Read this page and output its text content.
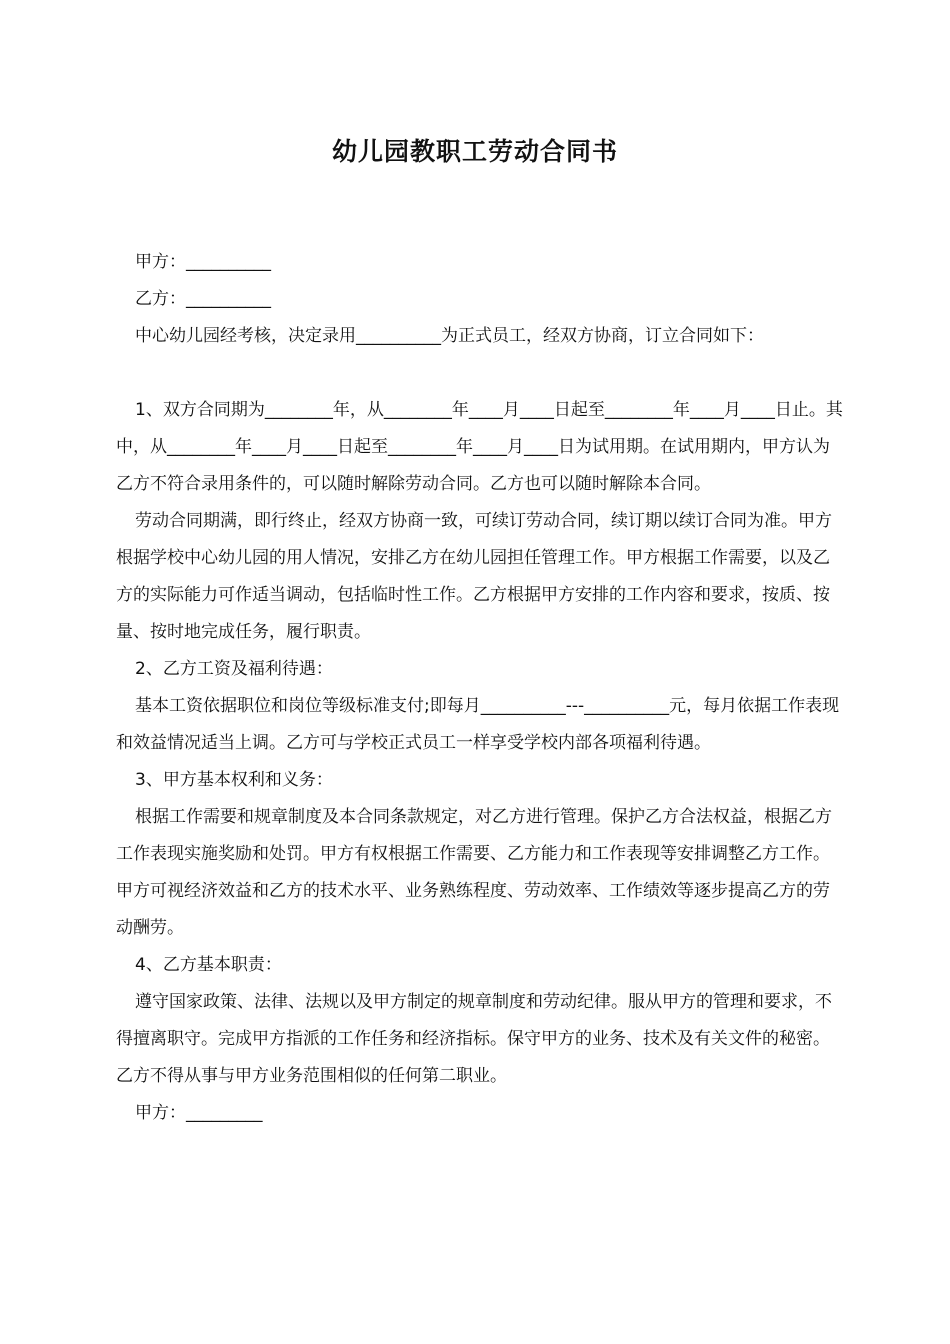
幼儿园教职工劳动合同书

甲方：__________

乙方：__________

中心幼儿园经考核，决定录用__________为正式员工，经双方协商，订立合同如下：

1、双方合同期为________年，从________年____月____日起至________年____月____日止。其中，从________年____月____日起至________年____月____日为试用期。在试用期内，甲方认为乙方不符合录用条件的，可以随时解除劳动合同。乙方也可以随时解除本合同。

劳动合同期满，即行终止，经双方协商一致，可续订劳动合同，续订期以续订合同为准。甲方根据学校中心幼儿园的用人情况，安排乙方在幼儿园担任管理工作。甲方根据工作需要，以及乙方的实际能力可作适当调动，包括临时性工作。乙方根据甲方安排的工作内容和要求，按质、按量、按时地完成任务，履行职责。

2、乙方工资及福利待遇：

基本工资依据职位和岗位等级标准支付;即每月__________---__________元，每月依据工作表现和效益情况适当上调。乙方可与学校正式员工一样享受学校内部各项福利待遇。

3、甲方基本权利和义务：

根据工作需要和规章制度及本合同条款规定，对乙方进行管理。保护乙方合法权益，根据乙方工作表现实施奖励和处罚。甲方有权根据工作需要、乙方能力和工作表现等安排调整乙方工作。甲方可视经济效益和乙方的技术水平、业务熟练程度、劳动效率、工作绩效等逐步提高乙方的劳动酬劳。

4、乙方基本职责：

遵守国家政策、法律、法规以及甲方制定的规章制度和劳动纪律。服从甲方的管理和要求，不得擅离职守。完成甲方指派的工作任务和经济指标。保守甲方的业务、技术及有关文件的秘密。乙方不得从事与甲方业务范围相似的任何第二职业。

甲方：_________
